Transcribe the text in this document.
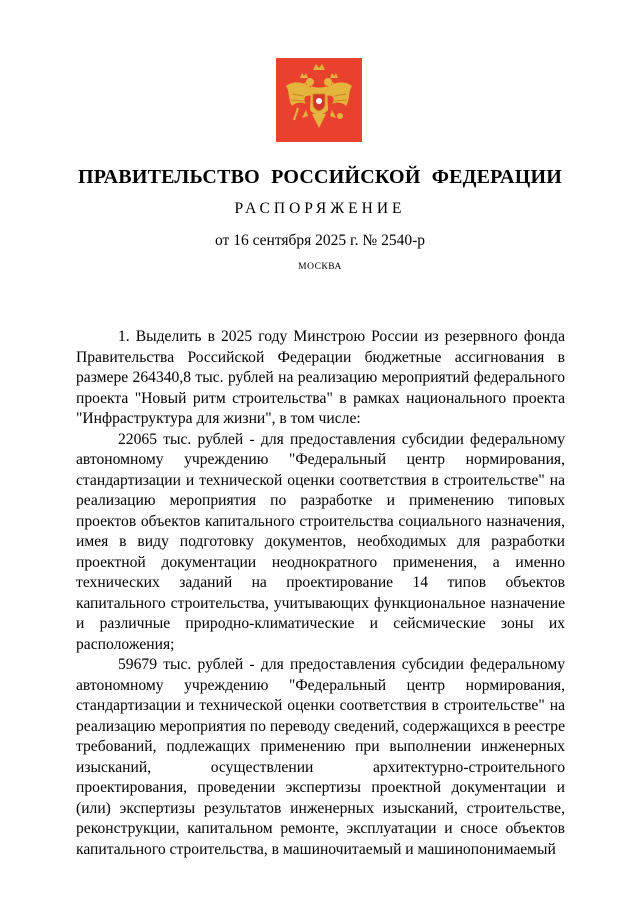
ПРАВИТЕЛЬСТВО РОССИЙСКОЙ ФЕДЕРАЦИИ
РАСПОРЯЖЕНИЕ
от 16 сентября 2025 г. № 2540-р
МОСКВА

1. Выделить в 2025 году Минстрою России из резервного фонда Правительства Российской Федерации бюджетные ассигнования в размере 264340,8 тыс. рублей на реализацию мероприятий федерального проекта "Новый ритм строительства" в рамках национального проекта "Инфраструктура для жизни", в том числе:

22065 тыс. рублей - для предоставления субсидии федеральному автономному учреждению "Федеральный центр нормирования, стандартизации и технической оценки соответствия в строительстве" на реализацию мероприятия по разработке и применению типовых проектов объектов капитального строительства социального назначения, имея в виду подготовку документов, необходимых для разработки проектной документации неоднократного применения, а именно технических заданий на проектирование 14 типов объектов капитального строительства, учитывающих функциональное назначение и различные природно-климатические и сейсмические зоны их расположения;

59679 тыс. рублей - для предоставления субсидии федеральному автономному учреждению "Федеральный центр нормирования, стандартизации и технической оценки соответствия в строительстве" на реализацию мероприятия по переводу сведений, содержащихся в реестре требований, подлежащих применению при выполнении инженерных изысканий, осуществлении архитектурно-строительного проектирования, проведении экспертизы проектной документации и (или) экспертизы результатов инженерных изысканий, строительстве, реконструкции, капитальном ремонте, эксплуатации и сносе объектов капитального строительства, в машиночитаемый и машинопонимаемый
